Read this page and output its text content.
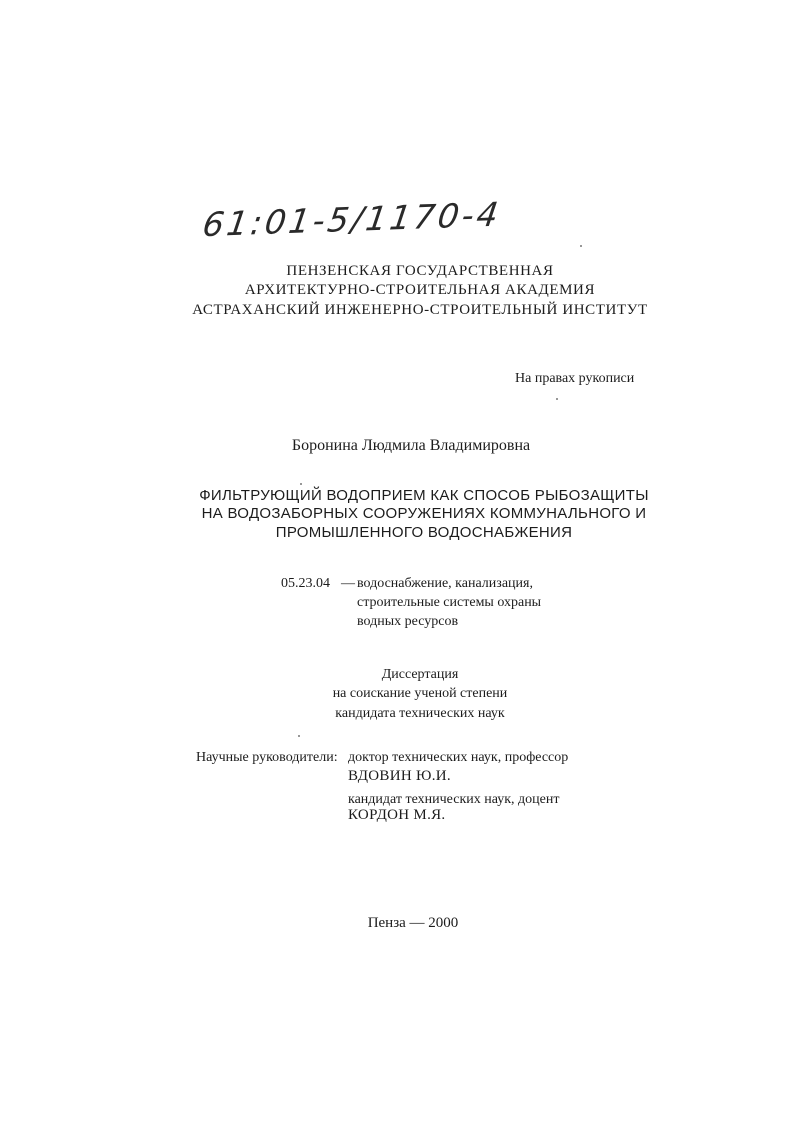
61:01-5/1170-4
ПЕНЗЕНСКАЯ ГОСУДАРСТВЕННАЯ
АРХИТЕКТУРНО-СТРОИТЕЛЬНАЯ АКАДЕМИЯ
АСТРАХАНСКИЙ ИНЖЕНЕРНО-СТРОИТЕЛЬНЫЙ ИНСТИТУТ
На правах рукописи
Боронина Людмила Владимировна
ФИЛЬТРУЮЩИЙ ВОДОПРИЕМ КАК СПОСОБ РЫБОЗАЩИТЫ
НА ВОДОЗАБОРНЫХ СООРУЖЕНИЯХ КОММУНАЛЬНОГО И
ПРОМЫШЛЕННОГО ВОДОСНАБЖЕНИЯ
05.23.04 — водоснабжение, канализация,
строительные системы охраны
водных ресурсов
Диссертация
на соискание ученой степени
кандидата технических наук
Научные руководители: доктор технических наук, профессор
ВДОВИН Ю.И.
кандидат технических наук, доцент
КОРДОН М.Я.
Пенза — 2000
